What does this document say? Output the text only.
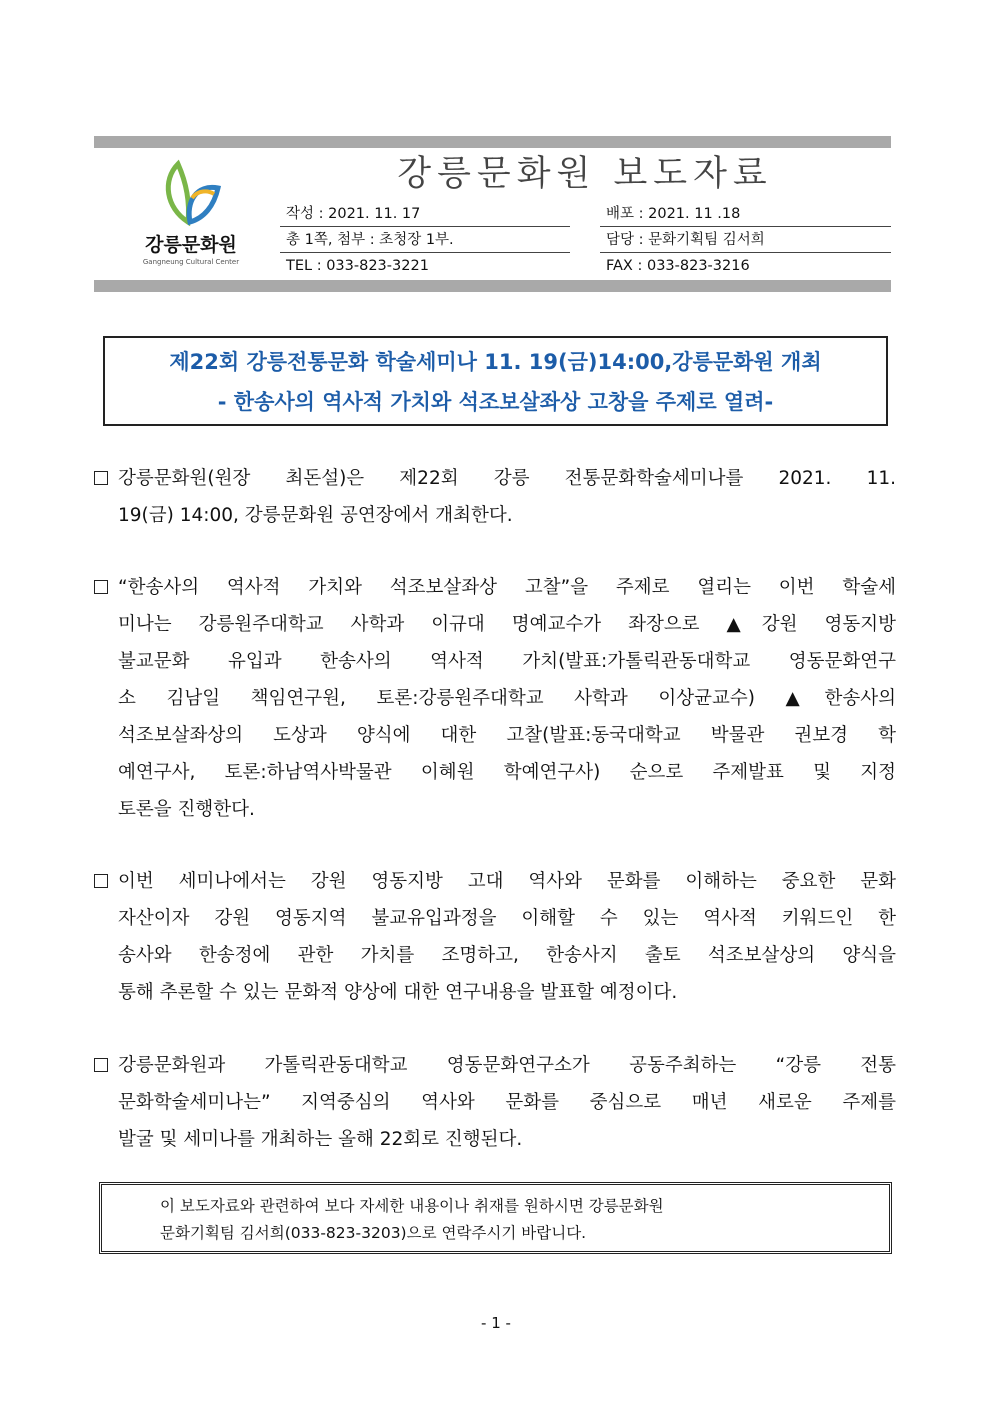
강릉문화원
Gangneung Cultural Center
강릉문화원 보도자료
작성 : 2021. 11. 17	배포 : 2021. 11 .18
총 1쪽, 첨부 : 초청장 1부.	담당 : 문화기획팀 김서희
TEL : 033-823-3221	FAX : 033-823-3216
제22회 강릉전통문화 학술세미나 11. 19(금)14:00,강릉문화원 개최
- 한송사의 역사적 가치와 석조보살좌상 고창을 주제로 열려-
강릉문화원(원장 최돈설)은 제22회 강릉 전통문화학술세미나를 2021. 11.
19(금) 14:00, 강릉문화원 공연장에서 개최한다.
“한송사의 역사적 가치와 석조보살좌상 고찰”을 주제로 열리는 이번 학술세
미나는 강릉원주대학교 사학과 이규대 명예교수가 좌장으로 ▲강원 영동지방
불교문화 유입과 한송사의 역사적 가치(발표:가톨릭관동대학교 영동문화연구
소 김남일 책임연구원, 토론:강릉원주대학교 사학과 이상균교수) ▲한송사의
석조보살좌상의 도상과 양식에 대한 고찰(발표:동국대학교 박물관 권보경 학
예연구사, 토론:하남역사박물관 이혜원 학예연구사) 순으로 주제발표 및 지정
토론을 진행한다.
이번 세미나에서는 강원 영동지방 고대 역사와 문화를 이해하는 중요한 문화
자산이자 강원 영동지역 불교유입과정을 이해할 수 있는 역사적 키워드인 한
송사와 한송정에 관한 가치를 조명하고, 한송사지 출토 석조보살상의 양식을
통해 추론할 수 있는 문화적 양상에 대한 연구내용을 발표할 예정이다.
강릉문화원과 가톨릭관동대학교 영동문화연구소가 공동주최하는 “강릉 전통
문화학술세미나는” 지역중심의 역사와 문화를 중심으로 매년 새로운 주제를
발굴 및 세미나를 개최하는 올해 22회로 진행된다.
이 보도자료와 관련하여 보다 자세한 내용이나 취재를 원하시면 강릉문화원
문화기획팀 김서희(033-823-3203)으로 연락주시기 바랍니다.
- 1 -
